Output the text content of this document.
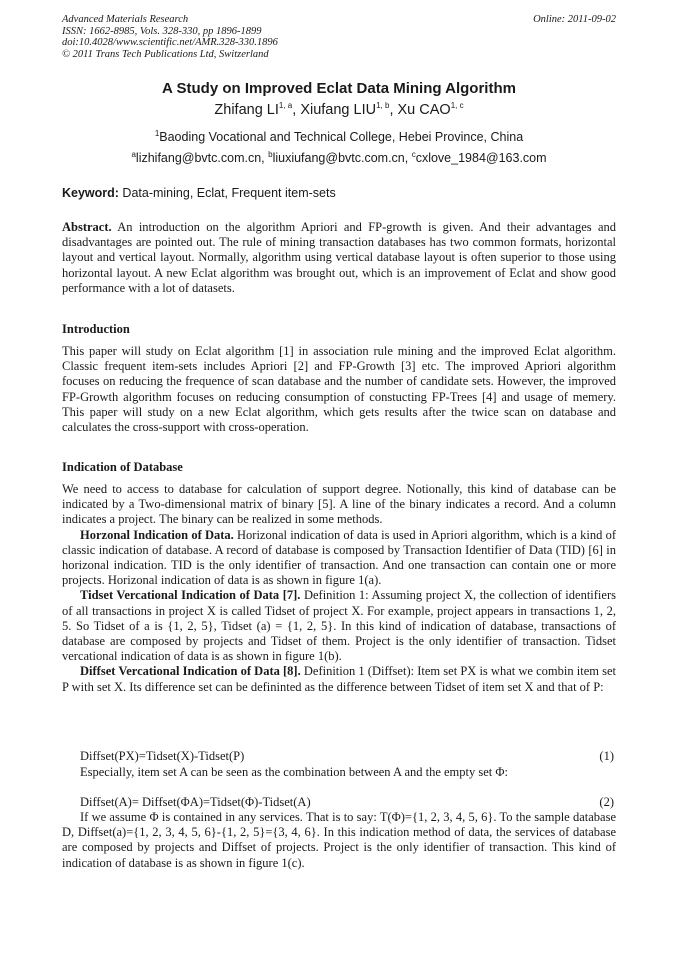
Advanced Materials Research
ISSN: 1662-8985, Vols. 328-330, pp 1896-1899
doi:10.4028/www.scientific.net/AMR.328-330.1896
© 2011 Trans Tech Publications Ltd, Switzerland
Online: 2011-09-02
A Study on Improved Eclat Data Mining Algorithm
Zhifang LI$^{1, a}$, Xiufang LIU$^{1, b}$, Xu CAO$^{1, c}$
$^1$Baoding Vocational and Technical College, Hebei Province, China
$^a$lizhifang@bvtc.com.cn, $^b$liuxiufang@bvtc.com.cn, $^c$cxlove_1984@163.com
Keyword: Data-mining, Eclat, Frequent item-sets

Abstract. An introduction on the algorithm Apriori and FP-growth is given. And their advantages and disadvantages are pointed out. The rule of mining transaction databases has two common formats, horizontal layout and vertical layout. Normally, algorithm using vertical database layout is often superior to those using horizontal layout. A new Eclat algorithm was brought out, which is an improvement of Eclat and show good performance with a lot of datasets.

Introduction

This paper will study on Eclat algorithm [1] in association rule mining and the improved Eclat algorithm. Classic frequent item-sets includes Apriori [2] and FP-Growth [3] etc. The improved Apriori algorithm focuses on reducing the frequence of scan database and the number of candidate sets. However, the improved FP-Growth algorithm focuses on reducing consumption of constucting FP-Trees [4] and usage of memery. This paper will study on a new Eclat algorithm, which gets results after the twice scan on database and calculates the cross-support with cross-operation.

Indication of Database

We need to access to database for calculation of support degree. Notionally, this kind of database can be indicated by a Two-dimensional matrix of binary [5]. A line of the binary indicates a record. And a column indicates a project. The binary can be realized in some methods.

Horzonal Indication of Data. Horizonal indication of data is used in Apriori algorithm, which is a kind of classic indication of database. A record of database is composed by Transaction Identifier of Data (TID) [6] in horizonal indication. TID is the only identifier of transaction. And one transaction can contain one or more projects. Horizonal indication of data is as shown in figure 1(a).

Tidset Vercational Indication of Data [7]. Definition 1: Assuming project X, the collection of identifiers of all transactions in project X is called Tidset of project X. For example, project appears in transactions 1, 2, 5. So Tidset of a is {1, 2, 5}, Tidset (a) = {1, 2, 5}. In this kind of indication of database, transactions of database are composed by projects and Tidset of them. Project is the only identifier of transaction. Tidset vercational indication of data is as shown in figure 1(b).

Diffset Vercational Indication of Data [8]. Definition 1 (Diffset): Item set PX is what we combin item set P with set X. Its difference set can be defininted as the difference between Tidset of item set X and that of P:

Diffset(PX)=Tidset(X)-Tidset(P)	(1)

Especially, item set A can be seen as the combination between A and the empty set Φ:

Diffset(A)= Diffset(ΦA)=Tidset(Φ)-Tidset(A)	(2)

If we assume Φ is contained in any services. That is to say: T(Φ)={1, 2, 3, 4, 5, 6}. To the sample database D, Diffset(a)={1, 2, 3, 4, 5, 6}-{1, 2, 5}={3, 4, 6}. In this indication method of data, the services of database are composed by projects and Diffset of projects. Project is the only identifier of transaction. This kind of indication of database is as shown in figure 1(c).
